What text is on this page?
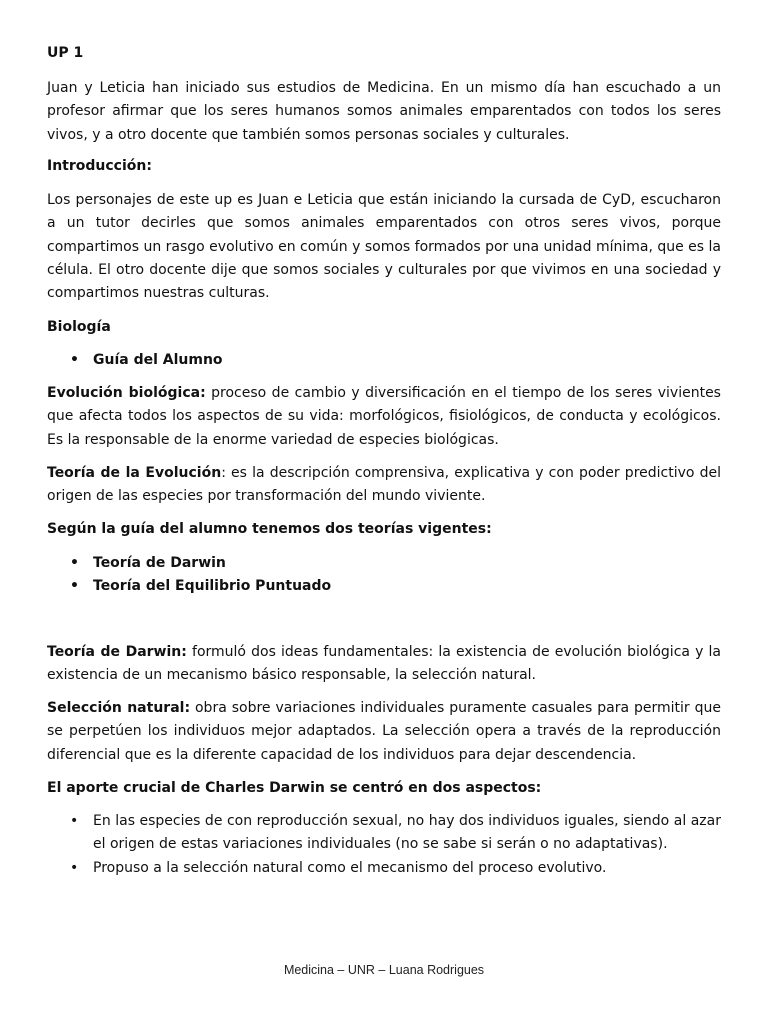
UP 1

Juan y Leticia han iniciado sus estudios de Medicina. En un mismo día han escuchado a un profesor afirmar que los seres humanos somos animales emparentados con todos los seres vivos, y a otro docente que también somos personas sociales y culturales.

Introducción:

Los personajes de este up es Juan e Leticia que están iniciando la cursada de CyD, escucharon a un tutor decirles que somos animales emparentados con otros seres vivos, porque compartimos un rasgo evolutivo en común y somos formados por una unidad mínima, que es la célula. El otro docente dije que somos sociales y culturales por que vivimos en una sociedad y compartimos nuestras culturas.

Biología

• Guía del Alumno

Evolución biológica: proceso de cambio y diversificación en el tiempo de los seres vivientes que afecta todos los aspectos de su vida: morfológicos, fisiológicos, de conducta y ecológicos. Es la responsable de la enorme variedad de especies biológicas.

Teoría de la Evolución: es la descripción comprensiva, explicativa y con poder predictivo del origen de las especies por transformación del mundo viviente.

Según la guía del alumno tenemos dos teorías vigentes:

• Teoría de Darwin
• Teoría del Equilibrio Puntuado

Teoría de Darwin: formuló dos ideas fundamentales: la existencia de evolución biológica y la existencia de un mecanismo básico responsable, la selección natural.

Selección natural: obra sobre variaciones individuales puramente casuales para permitir que se perpetúen los individuos mejor adaptados. La selección opera a través de la reproducción diferencial que es la diferente capacidad de los individuos para dejar descendencia.

El aporte crucial de Charles Darwin se centró en dos aspectos:

• En las especies de con reproducción sexual, no hay dos individuos iguales, siendo al azar el origen de estas variaciones individuales (no se sabe si serán o no adaptativas).
• Propuso a la selección natural como el mecanismo del proceso evolutivo.
Medicina – UNR – Luana Rodrigues
